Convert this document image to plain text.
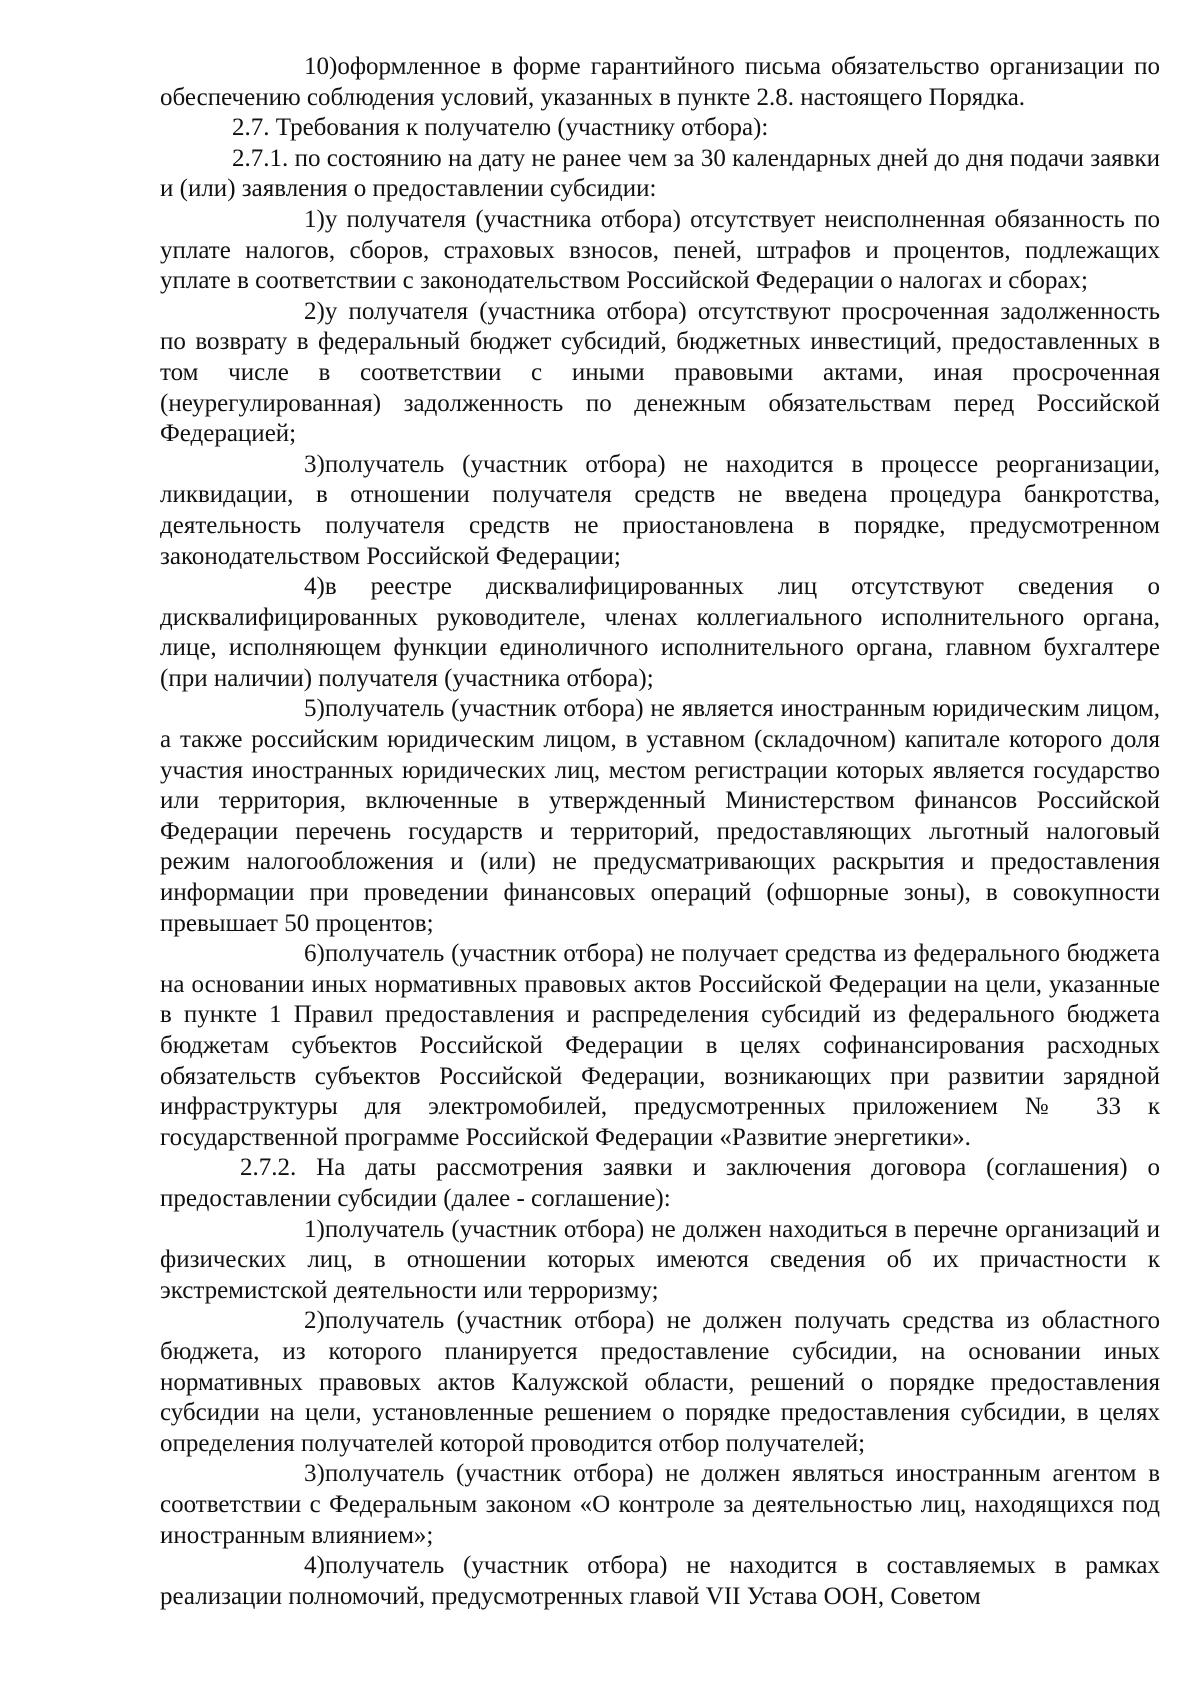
10)оформленное в форме гарантийного письма обязательство организации по обеспечению соблюдения условий, указанных в пункте 2.8. настоящего Порядка.

2.7. Требования к получателю (участнику отбора):

2.7.1. по состоянию на дату не ранее чем за 30 календарных дней до дня подачи заявки и (или) заявления о предоставлении субсидии:

1)у получателя (участника отбора) отсутствует неисполненная обязанность по уплате налогов, сборов, страховых взносов, пеней, штрафов и процентов, подлежащих уплате в соответствии с законодательством Российской Федерации о налогах и сборах;

2)у получателя (участника отбора) отсутствуют просроченная задолженность по возврату в федеральный бюджет субсидий, бюджетных инвестиций, предоставленных в том числе в соответствии с иными правовыми актами, иная просроченная (неурегулированная) задолженность по денежным обязательствам перед Российской Федерацией;

3)получатель (участник отбора) не находится в процессе реорганизации, ликвидации, в отношении получателя средств не введена процедура банкротства, деятельность получателя средств не приостановлена в порядке, предусмотренном законодательством Российской Федерации;

4)в реестре дисквалифицированных лиц отсутствуют сведения о дисквалифицированных руководителе, членах коллегиального исполнительного органа, лице, исполняющем функции единоличного исполнительного органа, главном бухгалтере (при наличии) получателя (участника отбора);

5)получатель (участник отбора) не является иностранным юридическим лицом, а также российским юридическим лицом, в уставном (складочном) капитале которого доля участия иностранных юридических лиц, местом регистрации которых является государство или территория, включенные в утвержденный Министерством финансов Российской Федерации перечень государств и территорий, предоставляющих льготный налоговый режим налогообложения и (или) не предусматривающих раскрытия и предоставления информации при проведении финансовых операций (офшорные зоны), в совокупности превышает 50 процентов;

6)получатель (участник отбора) не получает средства из федерального бюджета на основании иных нормативных правовых актов Российской Федерации на цели, указанные в пункте 1 Правил предоставления и распределения субсидий из федерального бюджета бюджетам субъектов Российской Федерации в целях софинансирования расходных обязательств субъектов Российской Федерации, возникающих при развитии зарядной инфраструктуры для электромобилей, предусмотренных приложением № 33 к государственной программе Российской Федерации «Развитие энергетики».

2.7.2. На даты рассмотрения заявки и заключения договора (соглашения) о предоставлении субсидии (далее - соглашение):

1)получатель (участник отбора) не должен находиться в перечне организаций и физических лиц, в отношении которых имеются сведения об их причастности к экстремистской деятельности или терроризму;

2)получатель (участник отбора) не должен получать средства из областного бюджета, из которого планируется предоставление субсидии, на основании иных нормативных правовых актов Калужской области, решений о порядке предоставления субсидии на цели, установленные решением о порядке предоставления субсидии, в целях определения получателей которой проводится отбор получателей;

3)получатель (участник отбора) не должен являться иностранным агентом в соответствии с Федеральным законом «О контроле за деятельностью лиц, находящихся под иностранным влиянием»;

4)получатель (участник отбора) не находится в составляемых в рамках реализации полномочий, предусмотренных главой VII Устава ООН, Советом
